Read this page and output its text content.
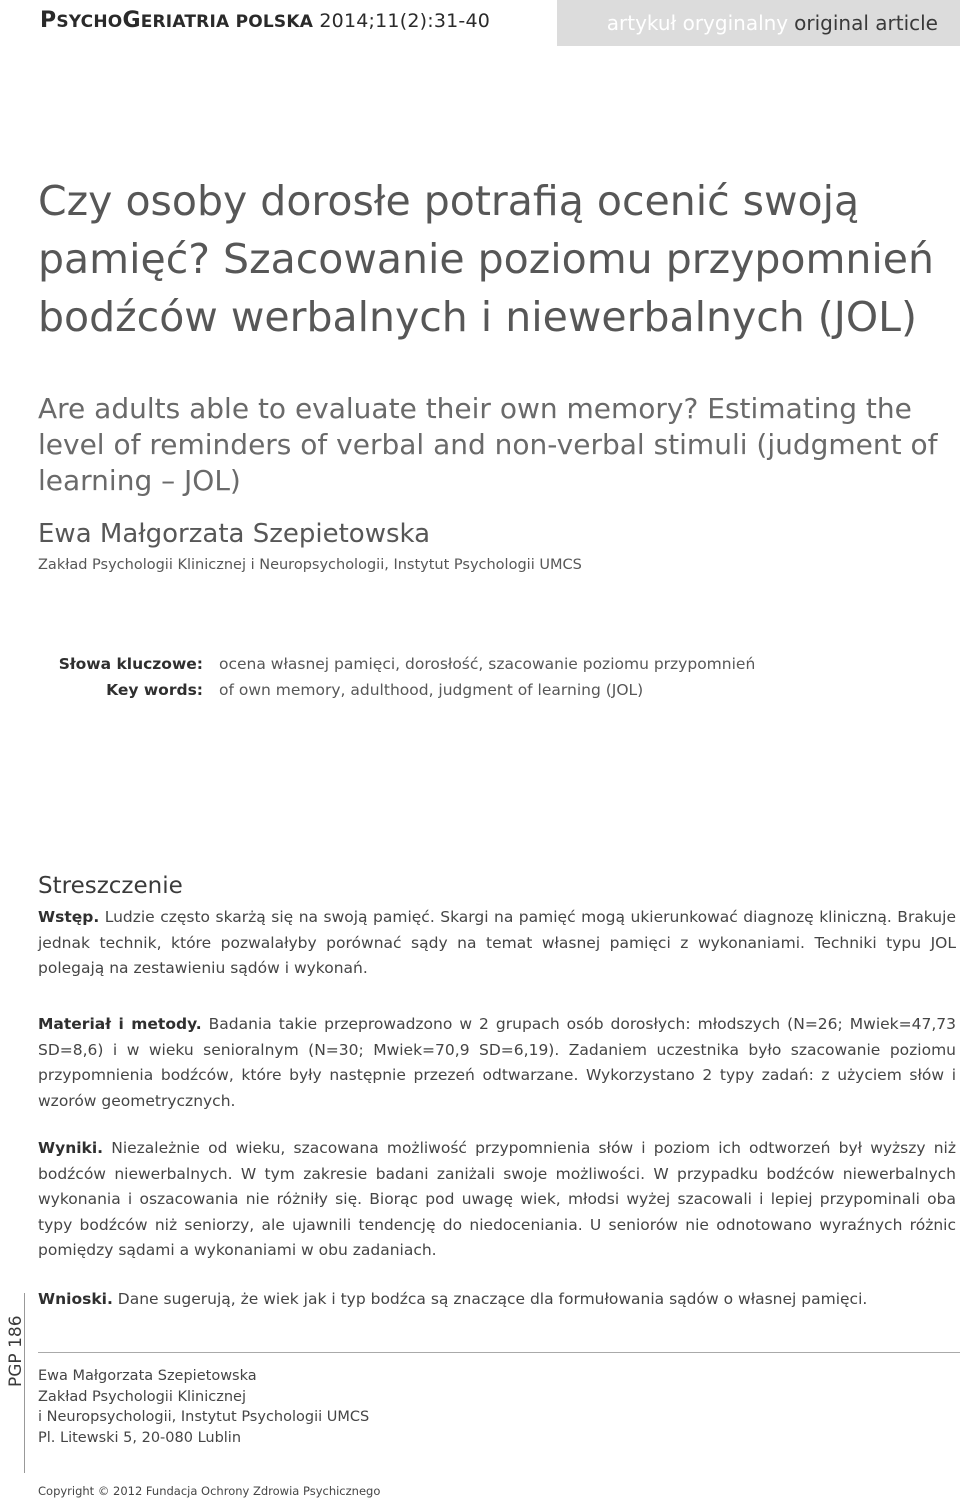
PSYCHOGERIATRIA POLSKA 2014;11(2):31-40	artykuł oryginalny original article
Czy osoby dorosłe potrafią ocenić swoją pamięć? Szacowanie poziomu przypomnień bodźców werbalnych i niewerbalnych (JOL)
Are adults able to evaluate their own memory? Estimating the level of reminders of verbal and non-verbal stimuli (judgment of learning – JOL)
Ewa Małgorzata Szepietowska
Zakład Psychologii Klinicznej i Neuropsychologii, Instytut Psychologii UMCS
Słowa kluczowe: ocena własnej pamięci, dorosłość, szacowanie poziomu przypomnień
Key words: of own memory, adulthood, judgment of learning (JOL)
Streszczenie

Wstęp. Ludzie często skarżą się na swoją pamięć. Skargi na pamięć mogą ukierunkować diagnozę kliniczną. Brakuje jednak technik, które pozwalałyby porównać sądy na temat własnej pamięci z wykonaniami. Techniki typu JOL polegają na zestawieniu sądów i wykonań.

Materiał i metody. Badania takie przeprowadzono w 2 grupach osób dorosłych: młodszych (N=26; Mwiek=47,73 SD=8,6) i w wieku senioralnym (N=30; Mwiek=70,9 SD=6,19). Zadaniem uczestnika było szacowanie poziomu przypomnienia bodźców, które były następnie przezeń odtwarzane. Wykorzystano 2 typy zadań: z użyciem słów i wzorów geometrycznych.

Wyniki. Niezależnie od wieku, szacowana możliwość przypomnienia słów i poziom ich odtworzeń był wyższy niż bodźców niewerbalnych. W tym zakresie badani zaniżali swoje możliwości. W przypadku bodźców niewerbalnych wykonania i oszacowania nie różniły się. Biorąc pod uwagę wiek, młodsi wyżej szacowali i lepiej przypominali oba typy bodźców niż seniorzy, ale ujawnili tendencję do niedoceniania. U seniorów nie odnotowano wyraźnych różnic pomiędzy sądami a wykonaniami w obu zadaniach.

Wnioski. Dane sugerują, że wiek jak i typ bodźca są znaczące dla formułowania sądów o własnej pamięci.

PGP 186 Ewa Małgorzata Szepietowska
Zakład Psychologii Klinicznej
i Neuropsychologii, Instytut Psychologii UMCS
Pl. Litewski 5, 20-080 Lublin
Copyright © 2012 Fundacja Ochrony Zdrowia Psychicznego
